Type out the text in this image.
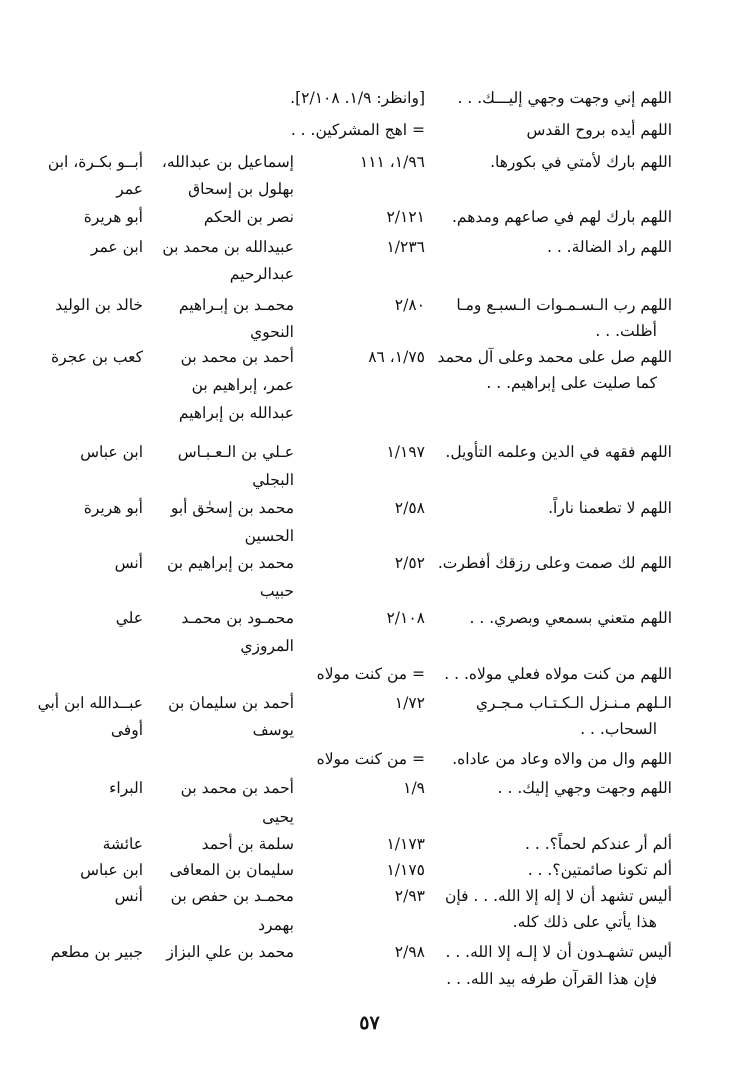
اللهم إني وجهت وجهي إليـــك. . .
[وانظر: ١/٩. ٢/١٠٨].
اللهم أيده بروح القدس
= اهج المشركين. . .
اللهم بارك لأمتي في بكورها.
١/٩٦، ١١١
إسماعيل بن عبدالله،
بهلول بن إسحاق
أبــو بكـرة، ابن
عمر
اللهم بارك لهم في صاعهم ومدهم.
٢/١٢١
نصر بن الحكم
أبو هريرة
اللهم راد الضالة. . .
١/٢٣٦
عبيدالله بن محمد بن
عبدالرحيم
ابن عمر
اللهم رب الـسـمـوات الـسبـع ومـا
أظلت. . .
٢/٨٠
محمـد بن إبـراهيم
النحوي
خالد بن الوليد
اللهم صل على محمد وعلى آل محمد
كما صليت على إبراهيم. . .
١/٧٥، ٨٦
أحمد بن محمد بن
عمر، إبراهيم بن
عبدالله بن إبراهيم
كعب بن عجرة
اللهم فقهه في الدين وعلمه التأويل.
١/١٩٧
عـلي بن الـعـبـاس
البجلي
ابن عباس
اللهم لا تطعمنا ناراً.
٢/٥٨
محمد بن إسحٰق أبو
الحسين
أبو هريرة
اللهم لك صمت وعلى رزقك أفطرت.
٢/٥٢
محمد بن إبراهيم بن
حبيب
أنس
اللهم متعني بسمعي وبصري. . .
٢/١٠٨
محمـود بن محمـد
المروزي
علي
اللهم من كنت مولاه فعلي مولاه. . .
= من كنت مولاه
الـلهم مـنـزل الـكـتـاب مـجـري
السحاب. . .
١/٧٢
أحمد بن سليمان بن
يوسف
عبــدالله ابن أبي
أوفى
اللهم وال من والاه وعاد من عاداه.
= من كنت مولاه
اللهم وجهت وجهي إليك. . .
١/٩
أحمد بن محمد بن
يحيى
البراء
ألم أر عندكم لحماً؟. . .
١/١٧٣
سلمة بن أحمد
عائشة
ألم تكونا صائمتين؟. . .
١/١٧٥
سليمان بن المعافى
ابن عباس
أليس تشهد أن لا إله إلا الله. . . فإن
هذا يأتي على ذلك كله.
٢/٩٣
محمـد بن حفص بن
بهمرد
أنس
أليس تشهـدون أن لا إلـه إلا الله. . .
فإن هذا القرآن طرفه بيد الله. . .
٢/٩٨
محمد بن علي البزاز
جبير بن مطعم
٥٧
